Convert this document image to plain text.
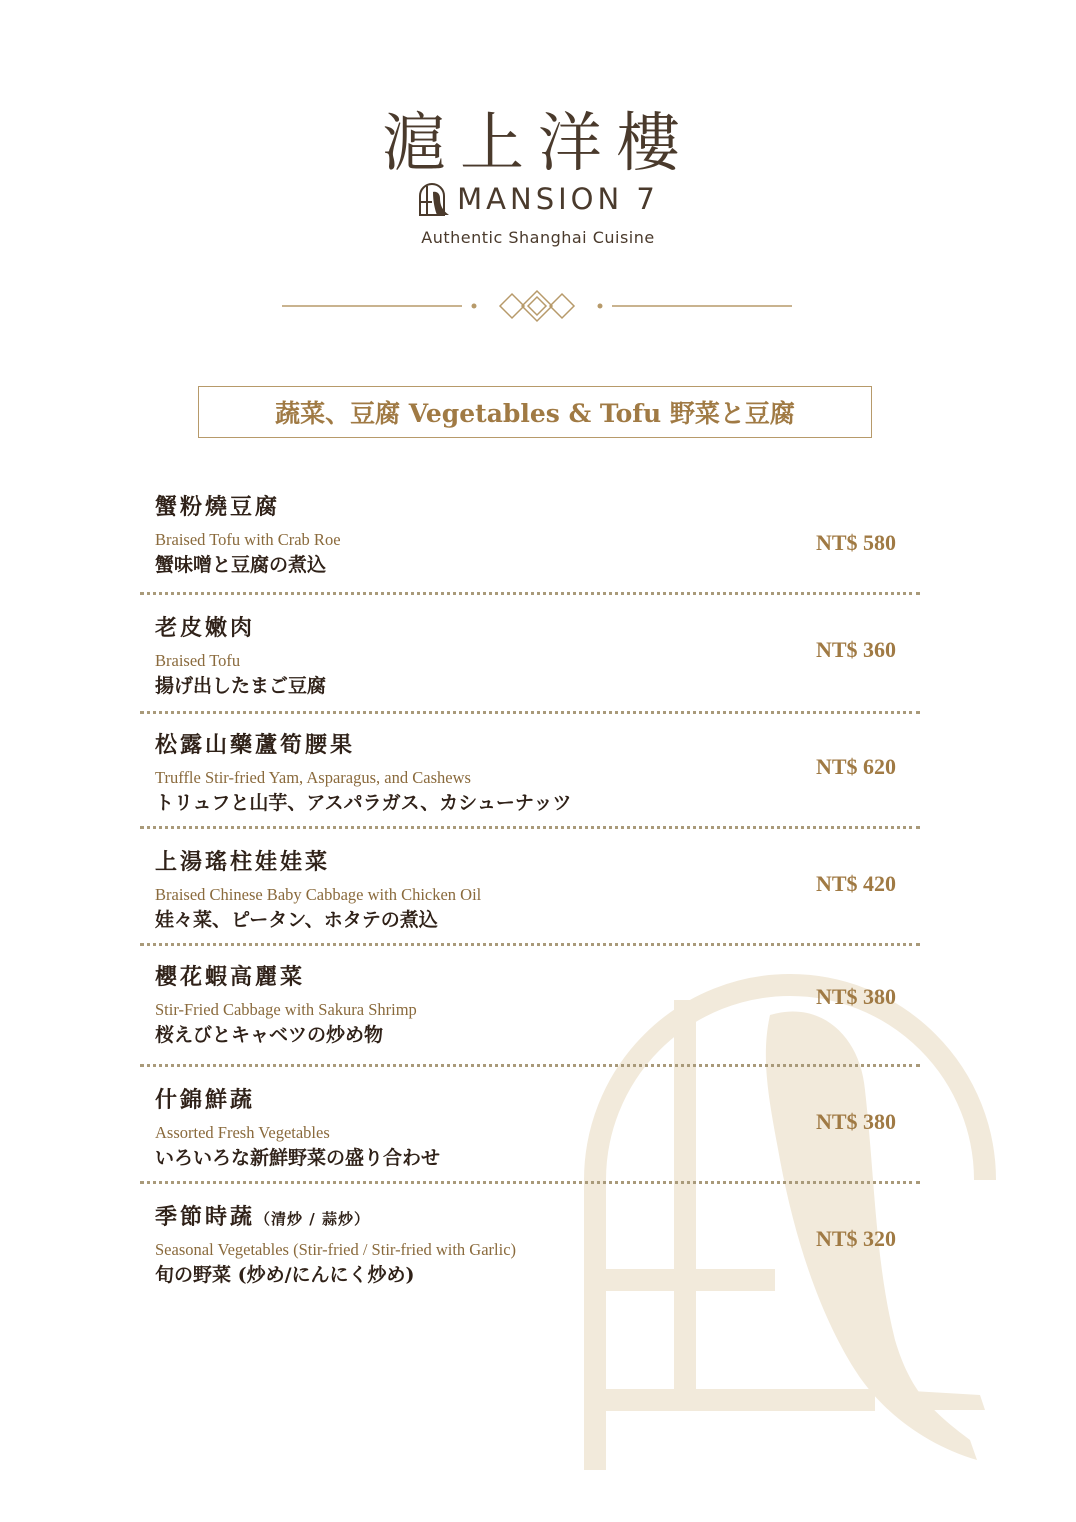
滬上洋樓
MANSION 7
Authentic Shanghai Cuisine
蔬菜、豆腐 Vegetables & Tofu 野菜と豆腐
蟹粉燒豆腐
Braised Tofu with Crab Roe
蟹味噌と豆腐の煮込
NT$ 580
老皮嫩肉
Braised Tofu
揚げ出したまご豆腐
NT$ 360
松露山藥蘆筍腰果
Truffle Stir-fried Yam, Asparagus, and Cashews
トリュフと山芋、アスパラガス、カシューナッツ
NT$ 620
上湯瑤柱娃娃菜
Braised Chinese Baby Cabbage with Chicken Oil
娃々菜、ピータン、ホタテの煮込
NT$ 420
櫻花蝦高麗菜
Stir-Fried Cabbage with Sakura Shrimp
桜えびとキャベツの炒め物
NT$ 380
什錦鮮蔬
Assorted Fresh Vegetables
いろいろな新鮮野菜の盛り合わせ
NT$ 380
季節時蔬（清炒 / 蒜炒）
Seasonal Vegetables (Stir-fried / Stir-fried with Garlic)
旬の野菜 (炒め/にんにく炒め)
NT$ 320
